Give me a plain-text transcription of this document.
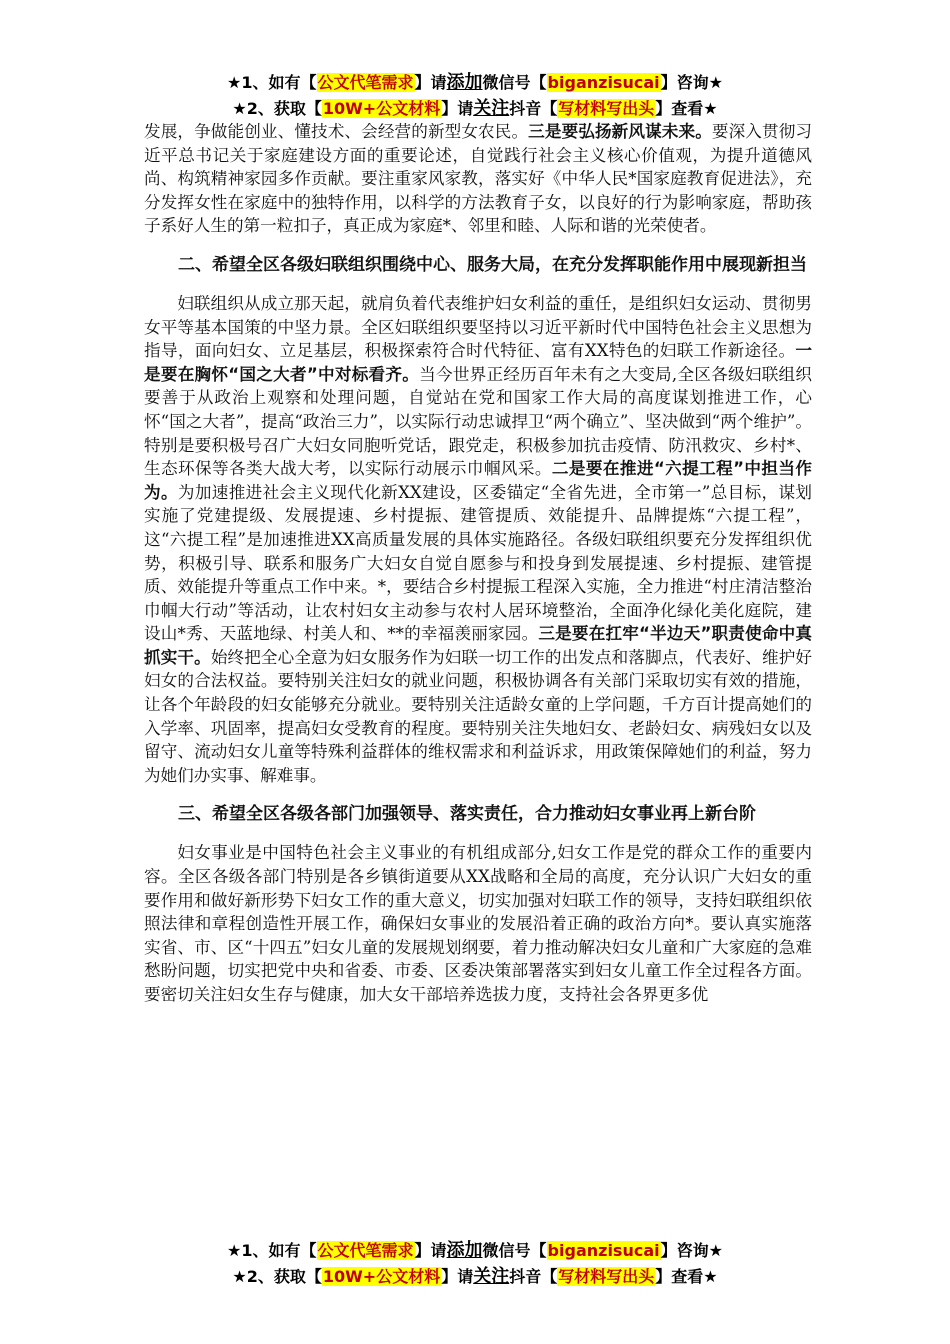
★1、如有【公文代笔需求】请添加微信号【biganzisucai】咨询★
★2、获取【10W+公文材料】请关注抖音【写材料写出头】查看★

发展，争做能创业、懂技术、会经营的新型女农民。三是要弘扬新风谋未来。要深入贯彻习近平总书记关于家庭建设方面的重要论述，自觉践行社会主义核心价值观，为提升道德风尚、构筑精神家园多作贡献。要注重家风家教，落实好《中华人民*国家庭教育促进法》，充分发挥女性在家庭中的独特作用，以科学的方法教育子女，以良好的行为影响家庭，帮助孩子系好人生的第一粒扣子，真正成为家庭*、邻里和睦、人际和谐的光荣使者。

二、希望全区各级妇联组织围绕中心、服务大局，在充分发挥职能作用中展现新担当

妇联组织从成立那天起，就肩负着代表维护妇女利益的重任，是组织妇女运动、贯彻男女平等基本国策的中坚力景。全区妇联组织要坚持以习近平新时代中国特色社会主义思想为指导，面向妇女、立足基层，积极探索符合时代特征、富有XX特色的妇联工作新途径。一是要在胸怀“国之大者”中对标看齐。当今世界正经历百年未有之大变局,全区各级妇联组织要善于从政治上观察和处理问题，自觉站在党和国家工作大局的高度谋划推进工作，心怀“国之大者”，提高“政治三力”，以实际行动忠诚捍卫“两个确立”、坚决做到“两个维护”。特别是要积极号召广大妇女同胞听党话，跟党走，积极参加抗击疫情、防汛救灾、乡村*、生态环保等各类大战大考，以实际行动展示巾帼风采。二是要在推进“六提工程”中担当作为。为加速推进社会主义现代化新XX建设，区委锚定“全省先进，全市第一”总目标，谋划实施了党建提级、发展提速、乡村提振、建管提质、效能提升、品牌提炼“六提工程”，这“六提工程”是加速推进XX高质量发展的具体实施路径。各级妇联组织要充分发挥组织优势，积极引导、联系和服务广大妇女自觉自愿参与和投身到发展提速、乡村提振、建管提质、效能提升等重点工作中来。*，要结合乡村提振工程深入实施，全力推进“村庄清洁整治巾帼大行动”等活动，让农村妇女主动参与农村人居环境整治，全面净化绿化美化庭院，建设山*秀、天蓝地绿、村美人和、**的幸福羡丽家园。三是要在扛牢“半边天”职责使命中真抓实干。始终把全心全意为妇女服务作为妇联一切工作的出发点和落脚点，代表好、维护好妇女的合法权益。要特别关注妇女的就业问题，积极协调各有关部门采取切实有效的措施，让各个年龄段的妇女能够充分就业。要特别关注适龄女童的上学问题，千方百计提高她们的入学率、巩固率，提高妇女受教育的程度。要特别关注失地妇女、老龄妇女、病残妇女以及留守、流动妇女儿童等特殊利益群体的维权需求和利益诉求，用政策保障她们的利益，努力为她们办实事、解难事。

三、希望全区各级各部门加强领导、落实责任，合力推动妇女事业再上新台阶

妇女事业是中国特色社会主义事业的有机组成部分,妇女工作是党的群众工作的重要内容。全区各级各部门特别是各乡镇街道要从XX战略和全局的高度，充分认识广大妇女的重要作用和做好新形势下妇女工作的重大意义，切实加强对妇联工作的领导，支持妇联组织依照法律和章程创造性开展工作，确保妇女事业的发展沿着正确的政治方向*。要认真实施落实省、市、区“十四五”妇女儿童的发展规划纲要，着力推动解决妇女儿童和广大家庭的急难愁盼问题，切实把党中央和省委、市委、区委决策部署落实到妇女儿童工作全过程各方面。要密切关注妇女生存与健康，加大女干部培养选拔力度，支持社会各界更多优

★1、如有【公文代笔需求】请添加微信号【biganzisucai】咨询★
★2、获取【10W+公文材料】请关注抖音【写材料写出头】查看★
